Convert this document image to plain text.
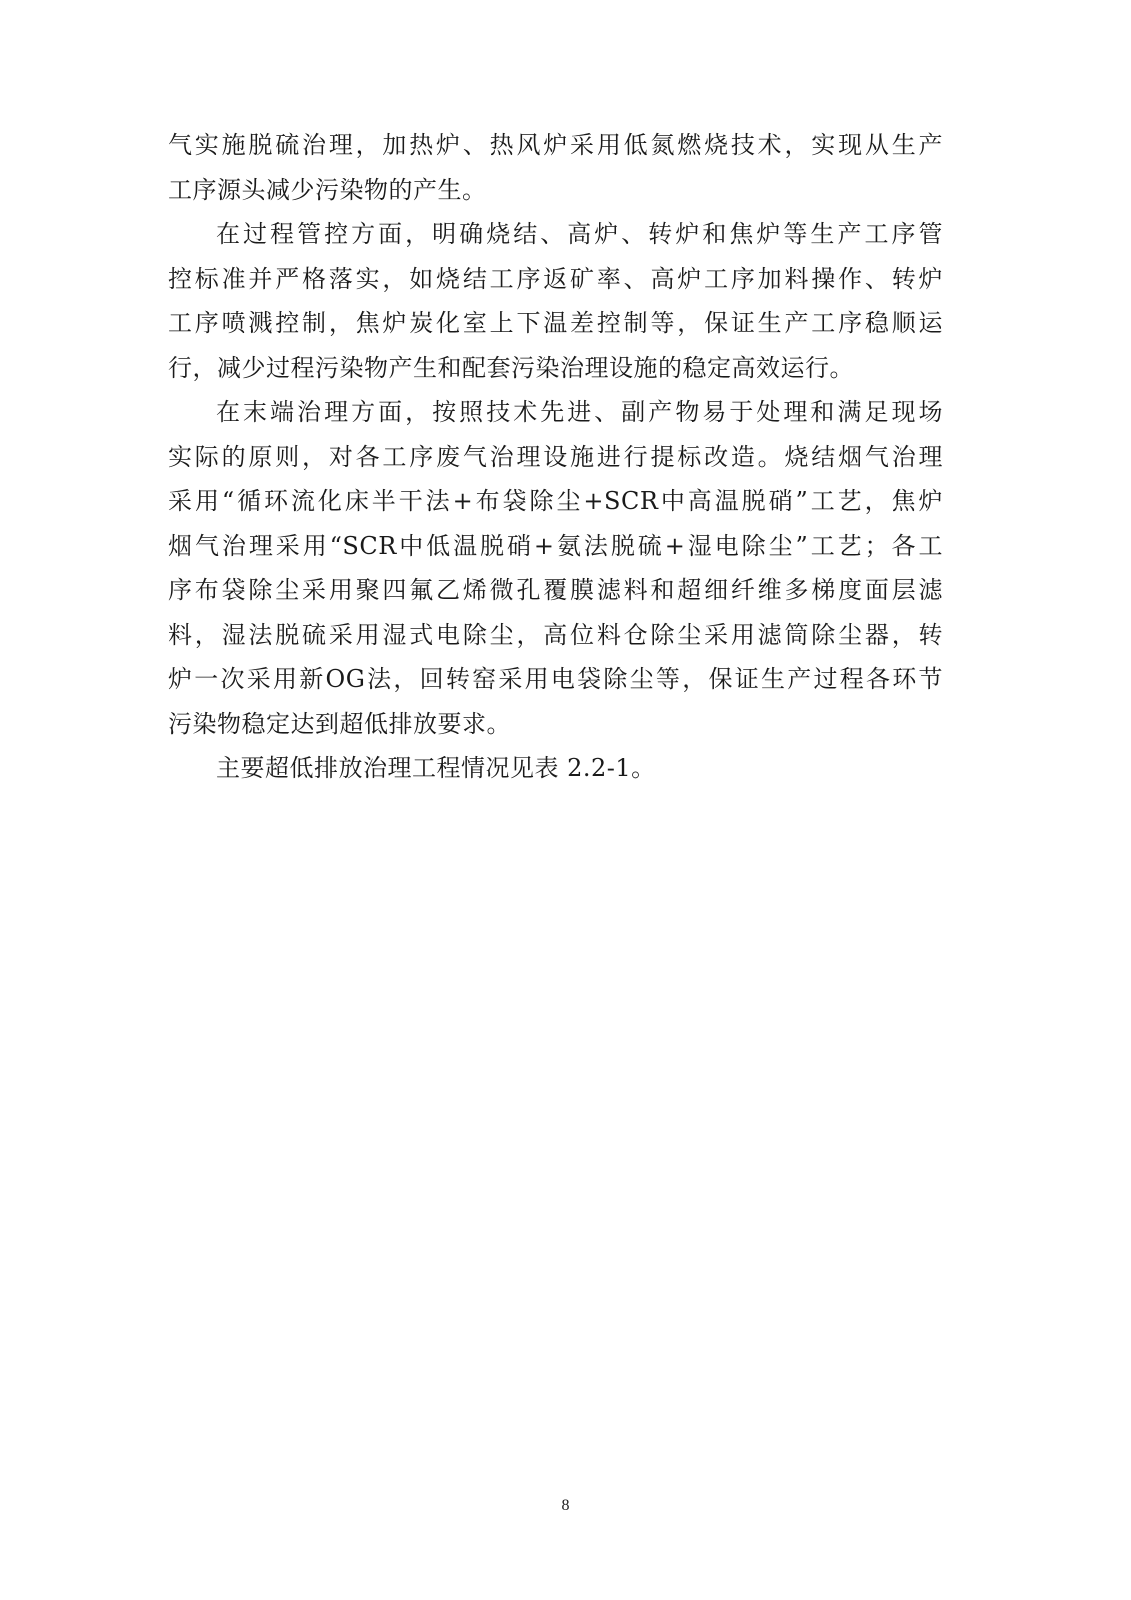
气实施脱硫治理，加热炉、热风炉采用低氮燃烧技术，实现从生产
工序源头减少污染物的产生。
在过程管控方面，明确烧结、高炉、转炉和焦炉等生产工序管
控标准并严格落实，如烧结工序返矿率、高炉工序加料操作、转炉
工序喷溅控制，焦炉炭化室上下温差控制等，保证生产工序稳顺运
行，减少过程污染物产生和配套污染治理设施的稳定高效运行。
在末端治理方面，按照技术先进、副产物易于处理和满足现场
实际的原则，对各工序废气治理设施进行提标改造。烧结烟气治理
采用“循环流化床半干法+布袋除尘+SCR中高温脱硝”工艺，焦炉
烟气治理采用“SCR中低温脱硝+氨法脱硫+湿电除尘”工艺；各工
序布袋除尘采用聚四氟乙烯微孔覆膜滤料和超细纤维多梯度面层滤
料，湿法脱硫采用湿式电除尘，高位料仓除尘采用滤筒除尘器，转
炉一次采用新OG法，回转窑采用电袋除尘等，保证生产过程各环节
污染物稳定达到超低排放要求。
主要超低排放治理工程情况见表 2.2-1。
8
